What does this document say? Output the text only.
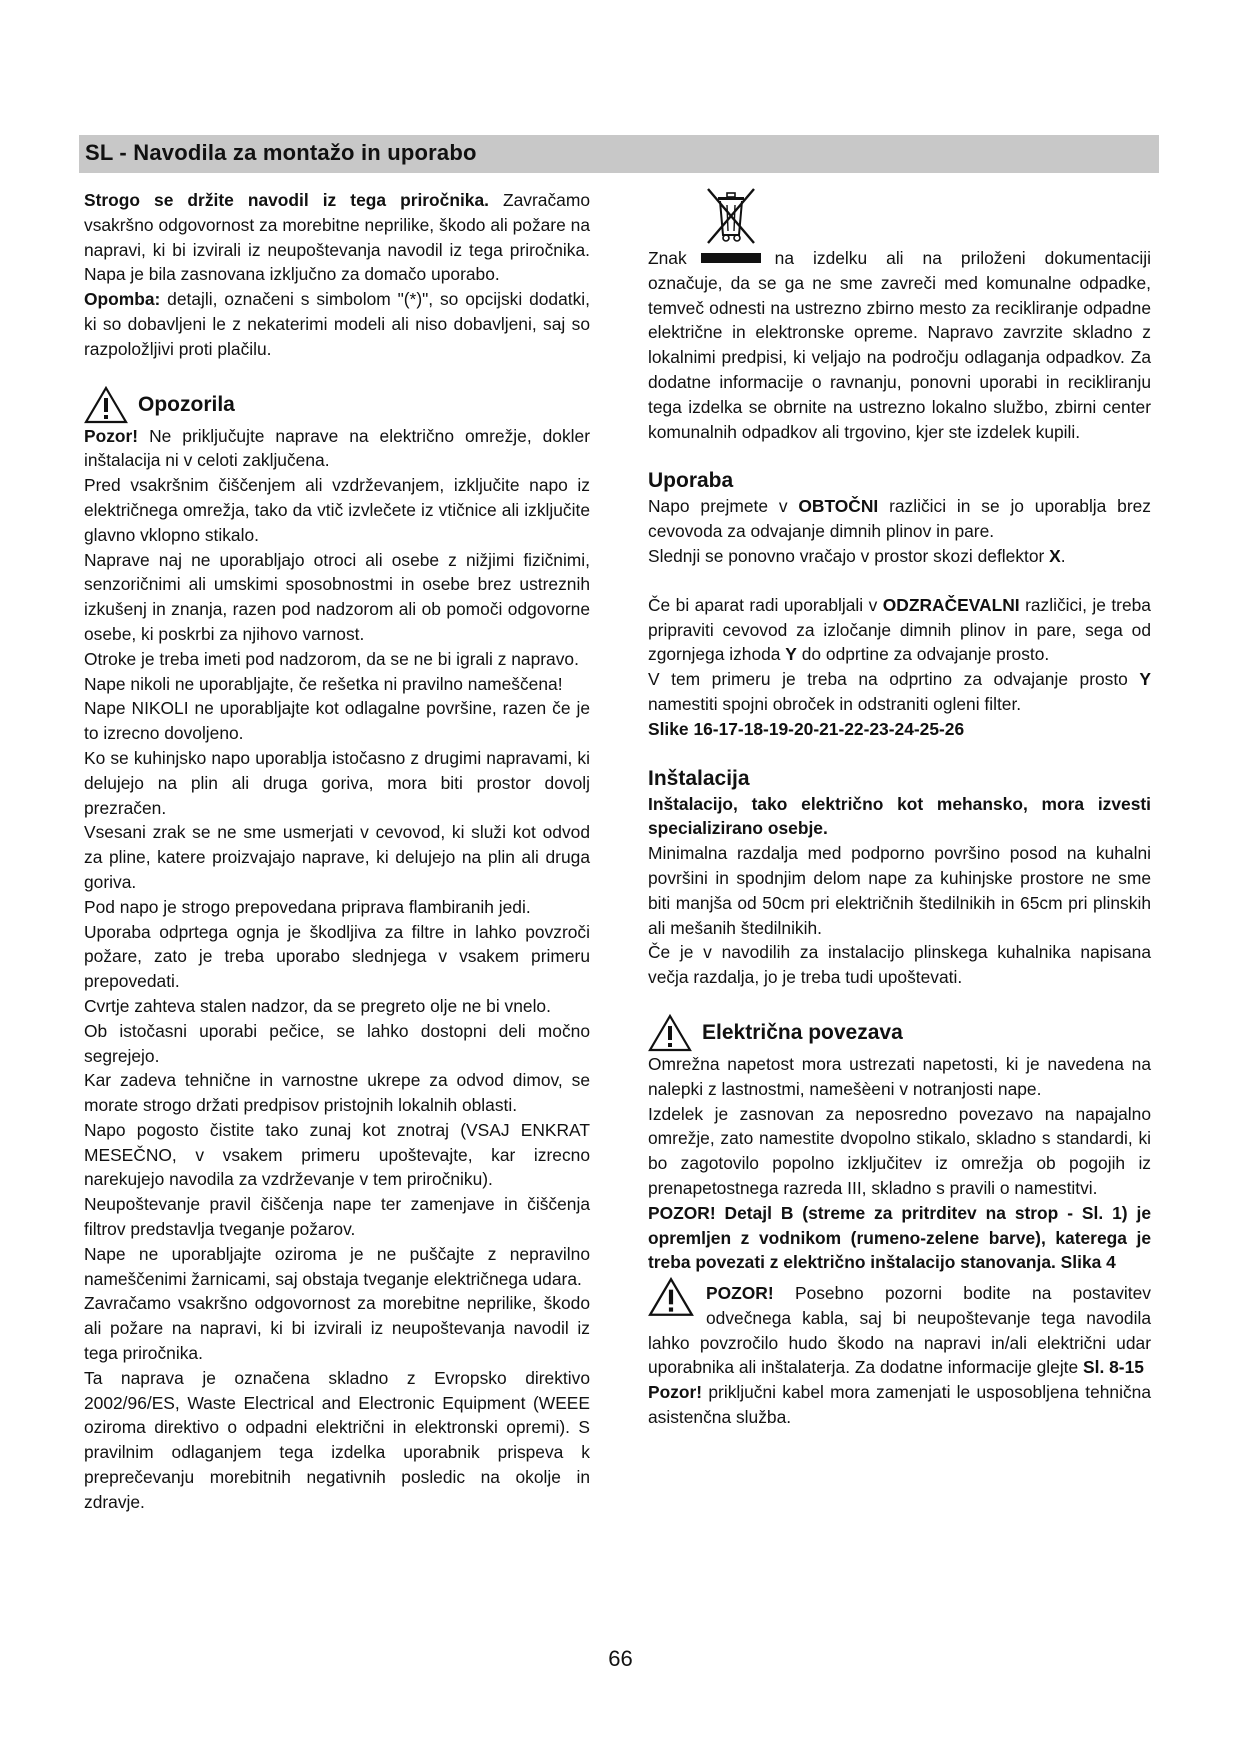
SL - Navodila za montažo in uporabo

Strogo se držite navodil iz tega priročnika. Zavračamo vsakršno odgovornost za morebitne neprilike, škodo ali požare na napravi, ki bi izvirali iz neupoštevanja navodil iz tega priročnika. Napa je bila zasnovana izključno za domačo uporabo.

Opomba: detajli, označeni s simbolom "(*)", so opcijski dodatki, ki so dobavljeni le z nekaterimi modeli ali niso dobavljeni, saj so razpoložljivi proti plačilu.

Opozorila

Pozor! Ne priključujte naprave na električno omrežje, dokler inštalacija ni v celoti zaključena.

Pred vsakršnim čiščenjem ali vzdrževanjem, izključite napo iz električnega omrežja, tako da vtič izvlečete iz vtičnice ali izključite glavno vklopno stikalo.

Naprave naj ne uporabljajo otroci ali osebe z nižjimi fizičnimi, senzoričnimi ali umskimi sposobnostmi in osebe brez ustreznih izkušenj in znanja, razen pod nadzorom ali ob pomoči odgovorne osebe, ki poskrbi za njihovo varnost.

Otroke je treba imeti pod nadzorom, da se ne bi igrali z napravo.

Nape nikoli ne uporabljajte, če rešetka ni pravilno nameščena!

Nape NIKOLI ne uporabljajte kot odlagalne površine, razen če je to izrecno dovoljeno.

Ko se kuhinjsko napo uporablja istočasno z drugimi napravami, ki delujejo na plin ali druga goriva, mora biti prostor dovolj prezračen.

Vsesani zrak se ne sme usmerjati v cevovod, ki služi kot odvod za pline, katere proizvajajo naprave, ki delujejo na plin ali druga goriva.

Pod napo je strogo prepovedana priprava flambiranih jedi.

Uporaba odprtega ognja je škodljiva za filtre in lahko povzroči požare, zato je treba uporabo slednjega v vsakem primeru prepovedati.

Cvrtje zahteva stalen nadzor, da se pregreto olje ne bi vnelo.

Ob istočasni uporabi pečice, se lahko dostopni deli močno segrejejo.

Kar zadeva tehnične in varnostne ukrepe za odvod dimov, se morate strogo držati predpisov pristojnih lokalnih oblasti.

Napo pogosto čistite tako zunaj kot znotraj (VSAJ ENKRAT MESEČNO, v vsakem primeru upoštevajte, kar izrecno narekujejo navodila za vzdrževanje v tem priročniku).

Neupoštevanje pravil čiščenja nape ter zamenjave in čiščenja filtrov predstavlja tveganje požarov.

Nape ne uporabljajte oziroma je ne puščajte z nepravilno nameščenimi žarnicami, saj obstaja tveganje električnega udara.

Zavračamo vsakršno odgovornost za morebitne neprilike, škodo ali požare na napravi, ki bi izvirali iz neupoštevanja navodil iz tega priročnika.

Ta naprava je označena skladno z Evropsko direktivo 2002/96/ES, Waste Electrical and Electronic Equipment (WEEE oziroma direktivo o odpadni električni in elektronski opremi). S pravilnim odlaganjem tega izdelka uporabnik prispeva k preprečevanju morebitnih negativnih posledic na okolje in zdravje.

Znak	na izdelku ali na priloženi dokumentaciji označuje, da se ga ne sme zavreči med komunalne odpadke, temveč odnesti na ustrezno zbirno mesto za recikliranje odpadne električne in elektronske opreme. Napravo zavrzite skladno z lokalnimi predpisi, ki veljajo na področju odlaganja odpadkov. Za dodatne informacije o ravnanju, ponovni uporabi in recikliranju tega izdelka se obrnite na ustrezno lokalno službo, zbirni center komunalnih odpadkov ali trgovino, kjer ste izdelek kupili.

Uporaba

Napo prejmete v OBTOČNI različici in se jo uporablja brez cevovoda za odvajanje dimnih plinov in pare.

Slednji se ponovno vračajo v prostor skozi deflektor X.

Če bi aparat radi uporabljali v ODZRAČEVALNI različici, je treba pripraviti cevovod za izločanje dimnih plinov in pare, sega od zgornjega izhoda Y do odprtine za odvajanje prosto.

V tem primeru je treba na odprtino za odvajanje prosto Y namestiti spojni obroček in odstraniti ogleni filter.

Slike 16-17-18-19-20-21-22-23-24-25-26

Inštalacija

Inštalacijo, tako električno kot mehansko, mora izvesti specializirano osebje.

Minimalna razdalja med podporno površino posod na kuhalni površini in spodnjim delom nape za kuhinjske prostore ne sme biti manjša od 50cm pri električnih štedilnikih in 65cm pri plinskih ali mešanih štedilnikih.

Če je v navodilih za instalacijo plinskega kuhalnika napisana večja razdalja, jo je treba tudi upoštevati.

Električna povezava

Omrežna napetost mora ustrezati napetosti, ki je navedena na nalepki z lastnostmi, namešèeni v notranjosti nape.

Izdelek je zasnovan za neposredno povezavo na napajalno omrežje, zato namestite dvopolno stikalo, skladno s standardi, ki bo zagotovilo popolno izključitev iz omrežja ob pogojih iz prenapetostnega razreda III, skladno s pravili o namestitvi.

POZOR! Detajl B (streme za pritrditev na strop - Sl. 1) je opremljen z vodnikom (rumeno-zelene barve), katerega je treba povezati z električno inštalacijo stanovanja. Slika 4

POZOR! Posebno pozorni bodite na postavitev odvečnega kabla, saj bi neupoštevanje tega navodila lahko povzročilo hudo škodo na napravi in/ali električni udar uporabnika ali inštalaterja. Za dodatne informacije glejte Sl. 8-15

Pozor! priključni kabel mora zamenjati le usposobljena tehnična asistenčna služba.

66
